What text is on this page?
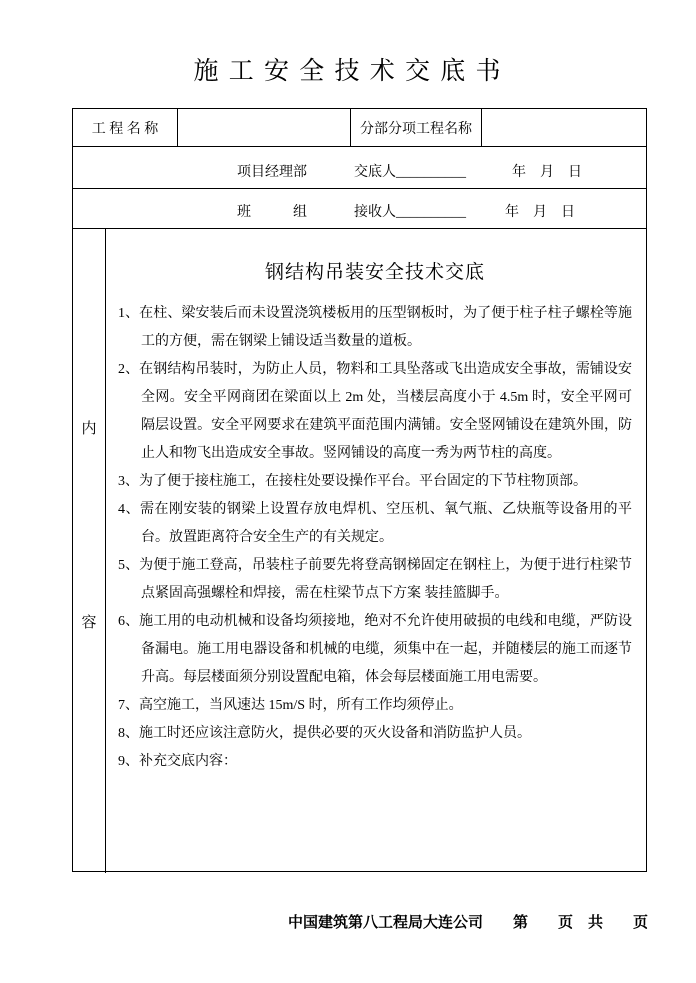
施 工 安 全 技 术 交 底 书
工 程 名 称	分部分项工程名称
项目经理部	交底人__________	年　月　日
班　　　组	接收人__________	年　月　日
内
容
钢结构吊装安全技术交底
1、在柱、梁安装后而未设置浇筑楼板用的压型钢板时，为了便于柱子柱子螺栓等施工的方便，需在钢梁上铺设适当数量的道板。
2、在钢结构吊装时，为防止人员，物料和工具坠落或飞出造成安全事故，需铺设安全网。安全平网商团在梁面以上 2m 处，当楼层高度小于 4.5m 时，安全平网可隔层设置。安全平网要求在建筑平面范围内满铺。安全竖网铺设在建筑外围，防止人和物飞出造成安全事故。竖网铺设的高度一秀为两节柱的高度。
3、为了便于接柱施工，在接柱处要设操作平台。平台固定的下节柱物顶部。
4、需在刚安装的钢梁上设置存放电焊机、空压机、氧气瓶、乙炔瓶等设备用的平台。放置距离符合安全生产的有关规定。
5、为便于施工登高，吊装柱子前要先将登高钢梯固定在钢柱上，为便于进行柱梁节点紧固高强螺栓和焊接，需在柱梁节点下方案 装挂篮脚手。
6、施工用的电动机械和设备均须接地，绝对不允许使用破损的电线和电缆，严防设备漏电。施工用电器设备和机械的电缆，须集中在一起，并随楼层的施工而逐节升高。每层楼面须分别设置配电箱，体会每层楼面施工用电需要。
7、高空施工，当风速达 15m/S 时，所有工作均须停止。
8、施工时还应该注意防火，提供必要的灭火设备和消防监护人员。
9、补充交底内容：

中国建筑第八工程局大连公司 第　　页　共　　页
